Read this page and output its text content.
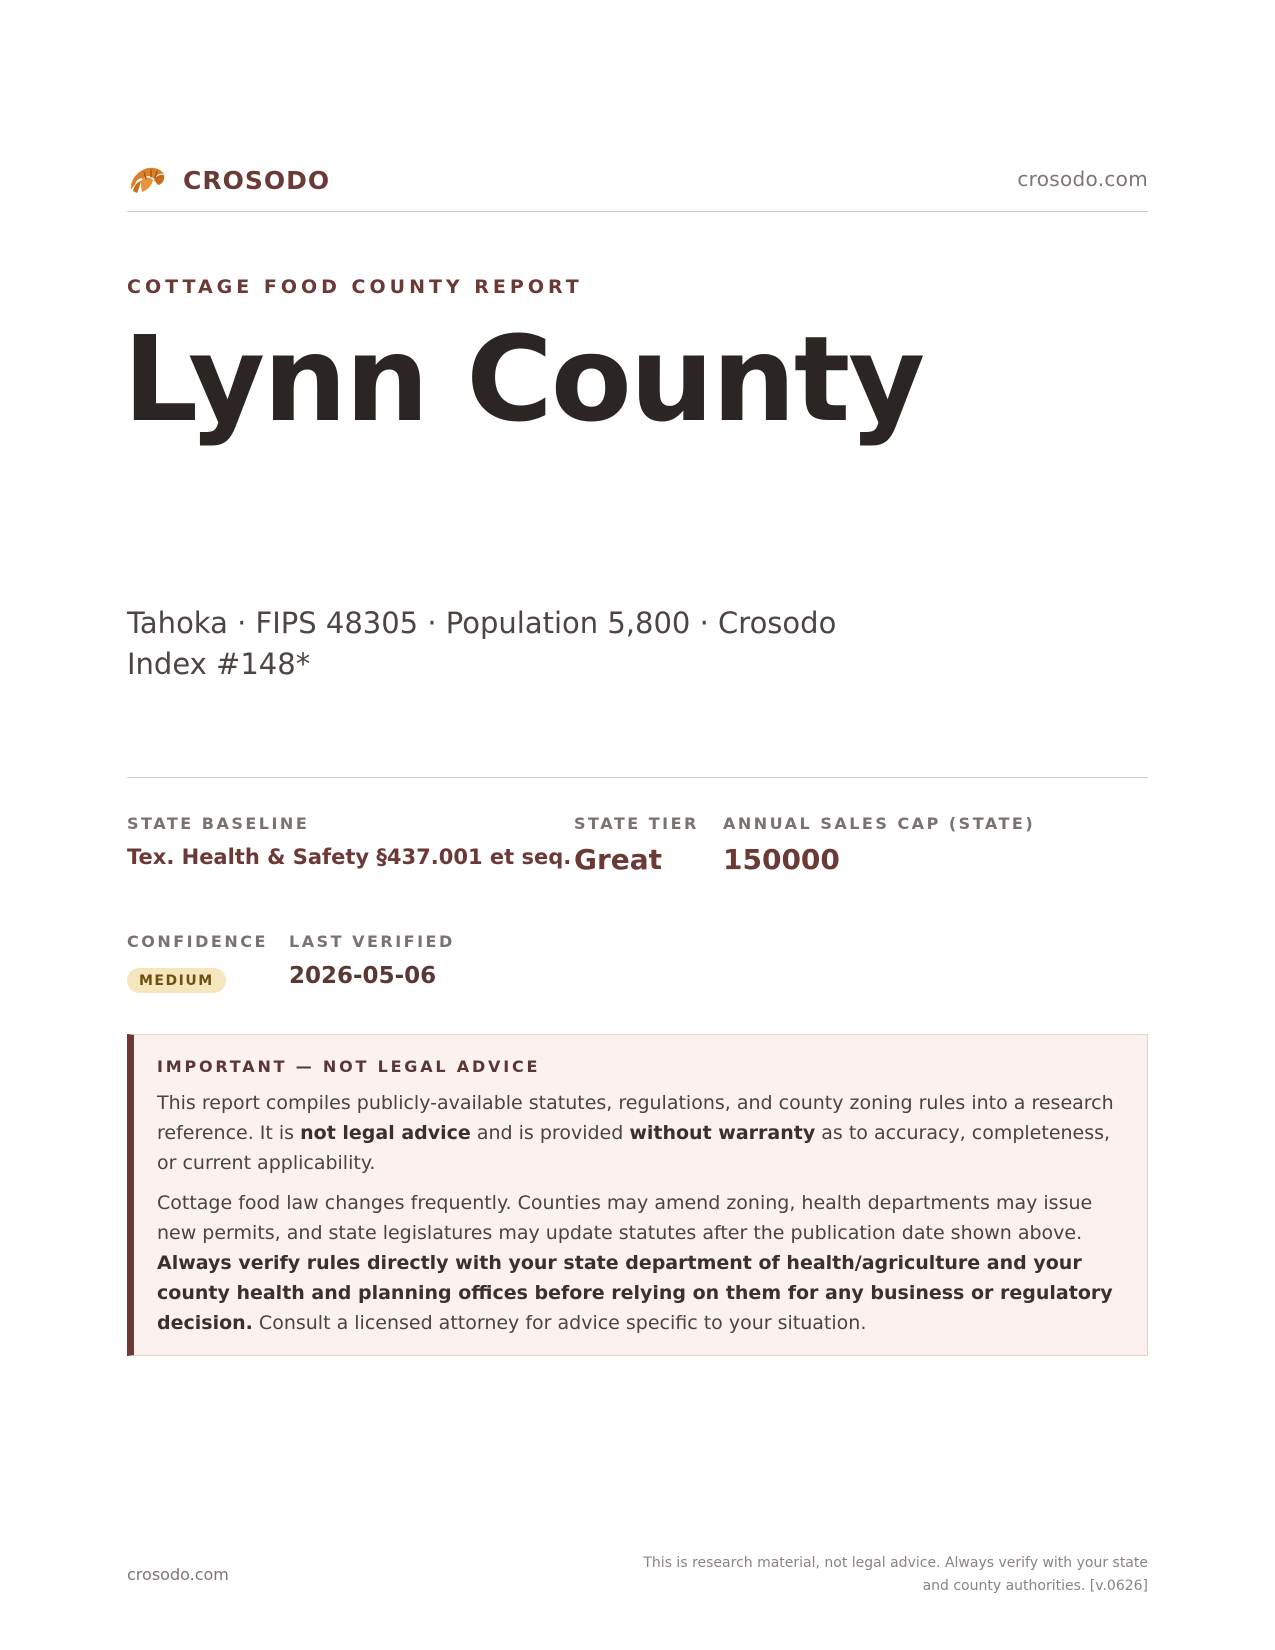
CROSODO	crosodo.com
COTTAGE FOOD COUNTY REPORT
Lynn County
Tahoka · FIPS 48305 · Population 5,800 · Crosodo Index #148*
STATE BASELINE
Tex. Health & Safety §437.001 et seq.
STATE TIER
Great
ANNUAL SALES CAP (STATE)
150000
CONFIDENCE
MEDIUM
LAST VERIFIED
2026-05-06
IMPORTANT — NOT LEGAL ADVICE

This report compiles publicly-available statutes, regulations, and county zoning rules into a research reference. It is not legal advice and is provided without warranty as to accuracy, completeness, or current applicability.

Cottage food law changes frequently. Counties may amend zoning, health departments may issue new permits, and state legislatures may update statutes after the publication date shown above. Always verify rules directly with your state department of health/agriculture and your county health and planning offices before relying on them for any business or regulatory decision. Consult a licensed attorney for advice specific to your situation.

crosodo.com
This is research material, not legal advice. Always verify with your state
and county authorities. [v.0626]
